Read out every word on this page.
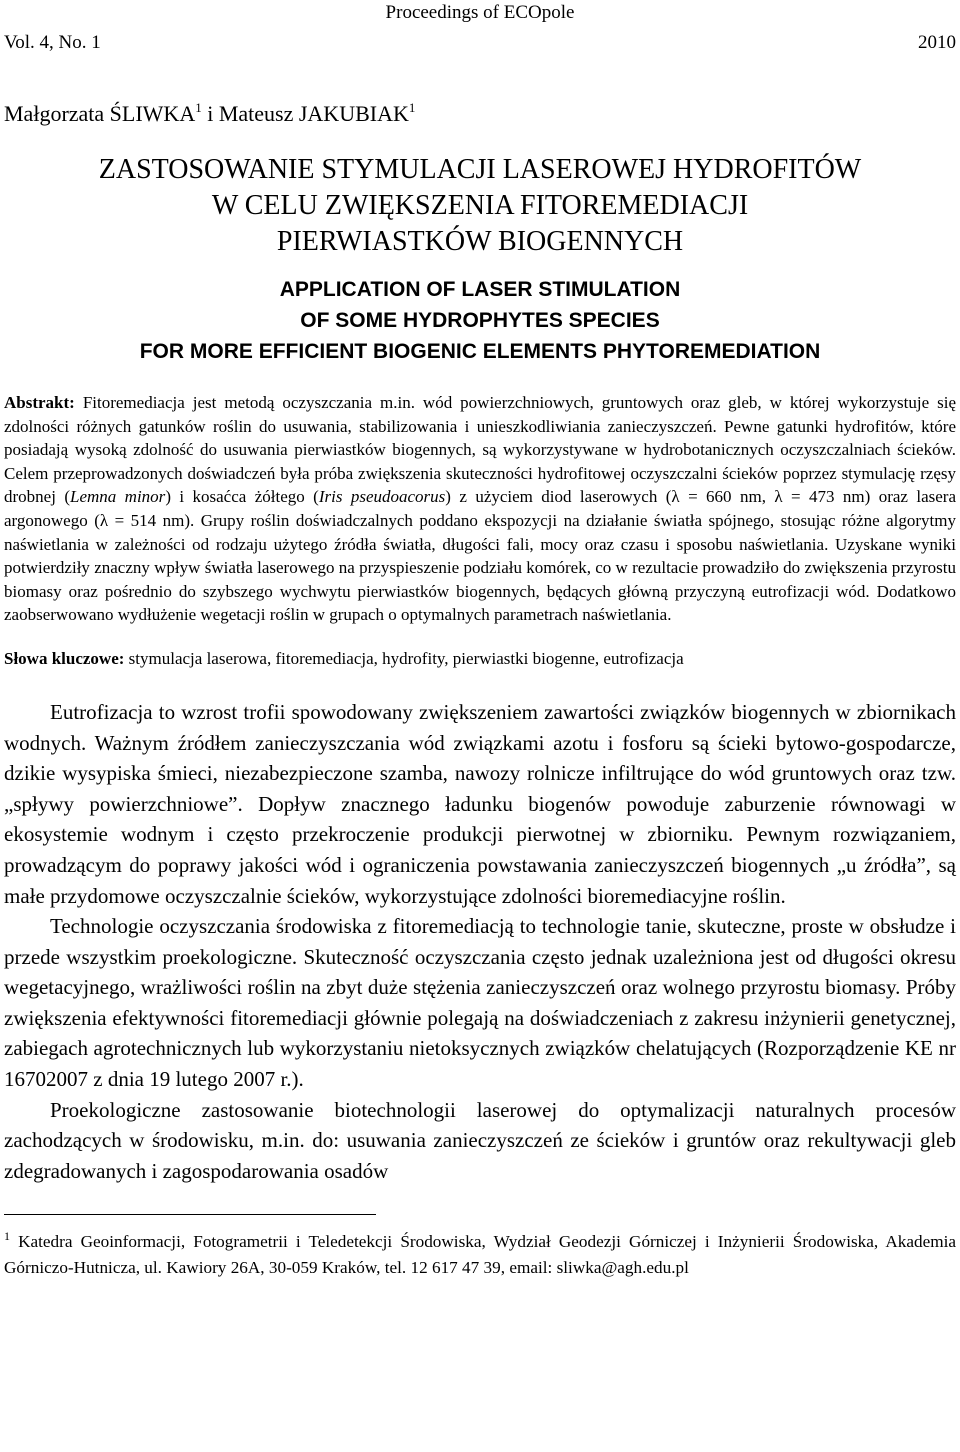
Proceedings of ECOpole
Vol. 4, No. 1	2010
Małgorzata ŚLIWKA$^1$ i Mateusz JAKUBIAK$^1$
ZASTOSOWANIE STYMULACJI LASEROWEJ HYDROFITÓW
W CELU ZWIĘKSZENIA FITOREMEDIACJI
PIERWIASTKÓW BIOGENNYCH
APPLICATION OF LASER STIMULATION
OF SOME HYDROPHYTES SPECIES
FOR MORE EFFICIENT BIOGENIC ELEMENTS PHYTOREMEDIATION
Abstrakt: Fitoremediacja jest metodą oczyszczania m.in. wód powierzchniowych, gruntowych oraz gleb, w której wykorzystuje się zdolności różnych gatunków roślin do usuwania, stabilizowania i unieszkodliwiania zanieczyszczeń. Pewne gatunki hydrofitów, które posiadają wysoką zdolność do usuwania pierwiastków biogennych, są wykorzystywane w hydrobotanicznych oczyszczalniach ścieków. Celem przeprowadzonych doświadczeń była próba zwiększenia skuteczności hydrofitowej oczyszczalni ścieków poprzez stymulację rzęsy drobnej (Lemna minor) i kosaćca żółtego (Iris pseudoacorus) z użyciem diod laserowych (λ = 660 nm, λ = 473 nm) oraz lasera argonowego (λ = 514 nm). Grupy roślin doświadczalnych poddano ekspozycji na działanie światła spójnego, stosując różne algorytmy naświetlania w zależności od rodzaju użytego źródła światła, długości fali, mocy oraz czasu i sposobu naświetlania. Uzyskane wyniki potwierdziły znaczny wpływ światła laserowego na przyspieszenie podziału komórek, co w rezultacie prowadziło do zwiększenia przyrostu biomasy oraz pośrednio do szybszego wychwytu pierwiastków biogennych, będących główną przyczyną eutrofizacji wód. Dodatkowo zaobserwowano wydłużenie wegetacji roślin w grupach o optymalnych parametrach naświetlania.
Słowa kluczowe: stymulacja laserowa, fitoremediacja, hydrofity, pierwiastki biogenne, eutrofizacja

Eutrofizacja to wzrost trofii spowodowany zwiększeniem zawartości związków biogennych w zbiornikach wodnych. Ważnym źródłem zanieczyszczania wód związkami azotu i fosforu są ścieki bytowo-gospodarcze, dzikie wysypiska śmieci, niezabezpieczone szamba, nawozy rolnicze infiltrujące do wód gruntowych oraz tzw. „spływy powierzchniowe”. Dopływ znacznego ładunku biogenów powoduje zaburzenie równowagi w ekosystemie wodnym i często przekroczenie produkcji pierwotnej w zbiorniku. Pewnym rozwiązaniem, prowadzącym do poprawy jakości wód i ograniczenia powstawania zanieczyszczeń biogennych „u źródła”, są małe przydomowe oczyszczalnie ścieków, wykorzystujące zdolności bioremediacyjne roślin.

Technologie oczyszczania środowiska z fitoremediacją to technologie tanie, skuteczne, proste w obsłudze i przede wszystkim proekologiczne. Skuteczność oczyszczania często jednak uzależniona jest od długości okresu wegetacyjnego, wrażliwości roślin na zbyt duże stężenia zanieczyszczeń oraz wolnego przyrostu biomasy. Próby zwiększenia efektywności fitoremediacji głównie polegają na doświadczeniach z zakresu inżynierii genetycznej, zabiegach agrotechnicznych lub wykorzystaniu nietoksycznych związków chelatujących (Rozporządzenie KE nr 16702007 z dnia 19 lutego 2007 r.).

Proekologiczne zastosowanie biotechnologii laserowej do optymalizacji naturalnych procesów zachodzących w środowisku, m.in. do: usuwania zanieczyszczeń ze ścieków i gruntów oraz rekultywacji gleb zdegradowanych i zagospodarowania osadów

$^1$ Katedra Geoinformacji, Fotogrametrii i Teledetekcji Środowiska, Wydział Geodezji Górniczej i Inżynierii Środowiska, Akademia Górniczo-Hutnicza, ul. Kawiory 26A, 30-059 Kraków, tel. 12 617 47 39, email: sliwka@agh.edu.pl
